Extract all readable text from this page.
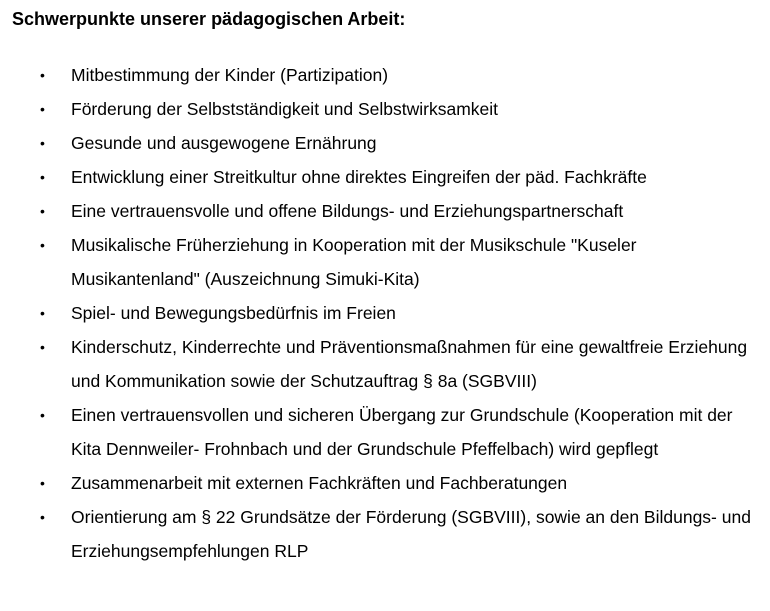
Schwerpunkte unserer pädagogischen Arbeit:
• Mitbestimmung der Kinder (Partizipation)
• Förderung der Selbstständigkeit und Selbstwirksamkeit
• Gesunde und ausgewogene Ernährung
• Entwicklung einer Streitkultur ohne direktes Eingreifen der päd. Fachkräfte
• Eine vertrauensvolle und offene Bildungs- und Erziehungspartnerschaft
• Musikalische Früherziehung in Kooperation mit der Musikschule "Kuseler Musikantenland" (Auszeichnung Simuki-Kita)
• Spiel- und Bewegungsbedürfnis im Freien
• Kinderschutz, Kinderrechte und Präventionsmaßnahmen für eine gewaltfreie Erziehung und Kommunikation sowie der Schutzauftrag § 8a (SGBVIII)
• Einen vertrauensvollen und sicheren Übergang zur Grundschule (Kooperation mit der Kita Dennweiler- Frohnbach und der Grundschule Pfeffelbach) wird gepflegt
• Zusammenarbeit mit externen Fachkräften und Fachberatungen
• Orientierung am § 22 Grundsätze der Förderung (SGBVIII), sowie an den Bildungs- und Erziehungsempfehlungen RLP
